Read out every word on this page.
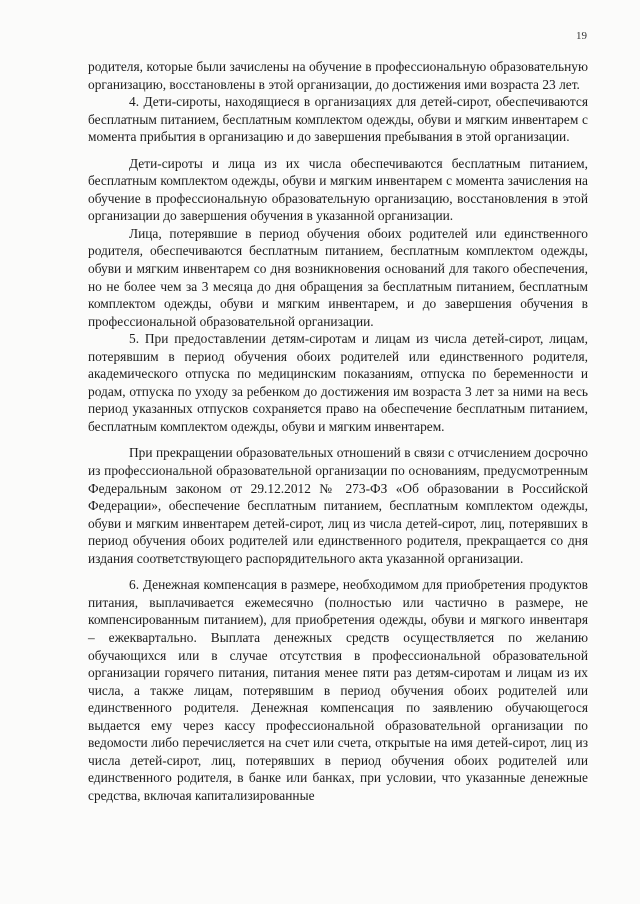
19

родителя, которые были зачислены на обучение в профессиональную образовательную организацию, восстановлены в этой организации, до достижения ими возраста 23 лет.

4. Дети-сироты, находящиеся в организациях для детей-сирот, обеспечиваются бесплатным питанием, бесплатным комплектом одежды, обуви и мягким инвентарем с момента прибытия в организацию и до завершения пребывания в этой организации.

Дети-сироты и лица из их числа обеспечиваются бесплатным питанием, бесплатным комплектом одежды, обуви и мягким инвентарем с момента зачисления на обучение в профессиональную образовательную организацию, восстановления в этой организации до завершения обучения в указанной организации.

Лица, потерявшие в период обучения обоих родителей или единственного родителя, обеспечиваются бесплатным питанием, бесплатным комплектом одежды, обуви и мягким инвентарем со дня возникновения оснований для такого обеспечения, но не более чем за 3 месяца до дня обращения за бесплатным питанием, бесплатным комплектом одежды, обуви и мягким инвентарем, и до завершения обучения в профессиональной образовательной организации.

5. При предоставлении детям-сиротам и лицам из числа детей-сирот, лицам, потерявшим в период обучения обоих родителей или единственного родителя, академического отпуска по медицинским показаниям, отпуска по беременности и родам, отпуска по уходу за ребенком до достижения им возраста 3 лет за ними на весь период указанных отпусков сохраняется право на обеспечение бесплатным питанием, бесплатным комплектом одежды, обуви и мягким инвентарем.

При прекращении образовательных отношений в связи с отчислением досрочно из профессиональной образовательной организации по основаниям, предусмотренным Федеральным законом от 29.12.2012 № 273-ФЗ «Об образовании в Российской Федерации», обеспечение бесплатным питанием, бесплатным комплектом одежды, обуви и мягким инвентарем детей-сирот, лиц из числа детей-сирот, лиц, потерявших в период обучения обоих родителей или единственного родителя, прекращается со дня издания соответствующего распорядительного акта указанной организации.

6. Денежная компенсация в размере, необходимом для приобретения продуктов питания, выплачивается ежемесячно (полностью или частично в размере, не компенсированным питанием), для приобретения одежды, обуви и мягкого инвентаря – ежеквартально. Выплата денежных средств осуществляется по желанию обучающихся или в случае отсутствия в профессиональной образовательной организации горячего питания, питания менее пяти раз детям-сиротам и лицам из их числа, а также лицам, потерявшим в период обучения обоих родителей или единственного родителя. Денежная компенсация по заявлению обучающегося выдается ему через кассу профессиональной образовательной организации по ведомости либо перечисляется на счет или счета, открытые на имя детей-сирот, лиц из числа детей-сирот, лиц, потерявших в период обучения обоих родителей или единственного родителя, в банке или банках, при условии, что указанные денежные средства, включая капитализированные
